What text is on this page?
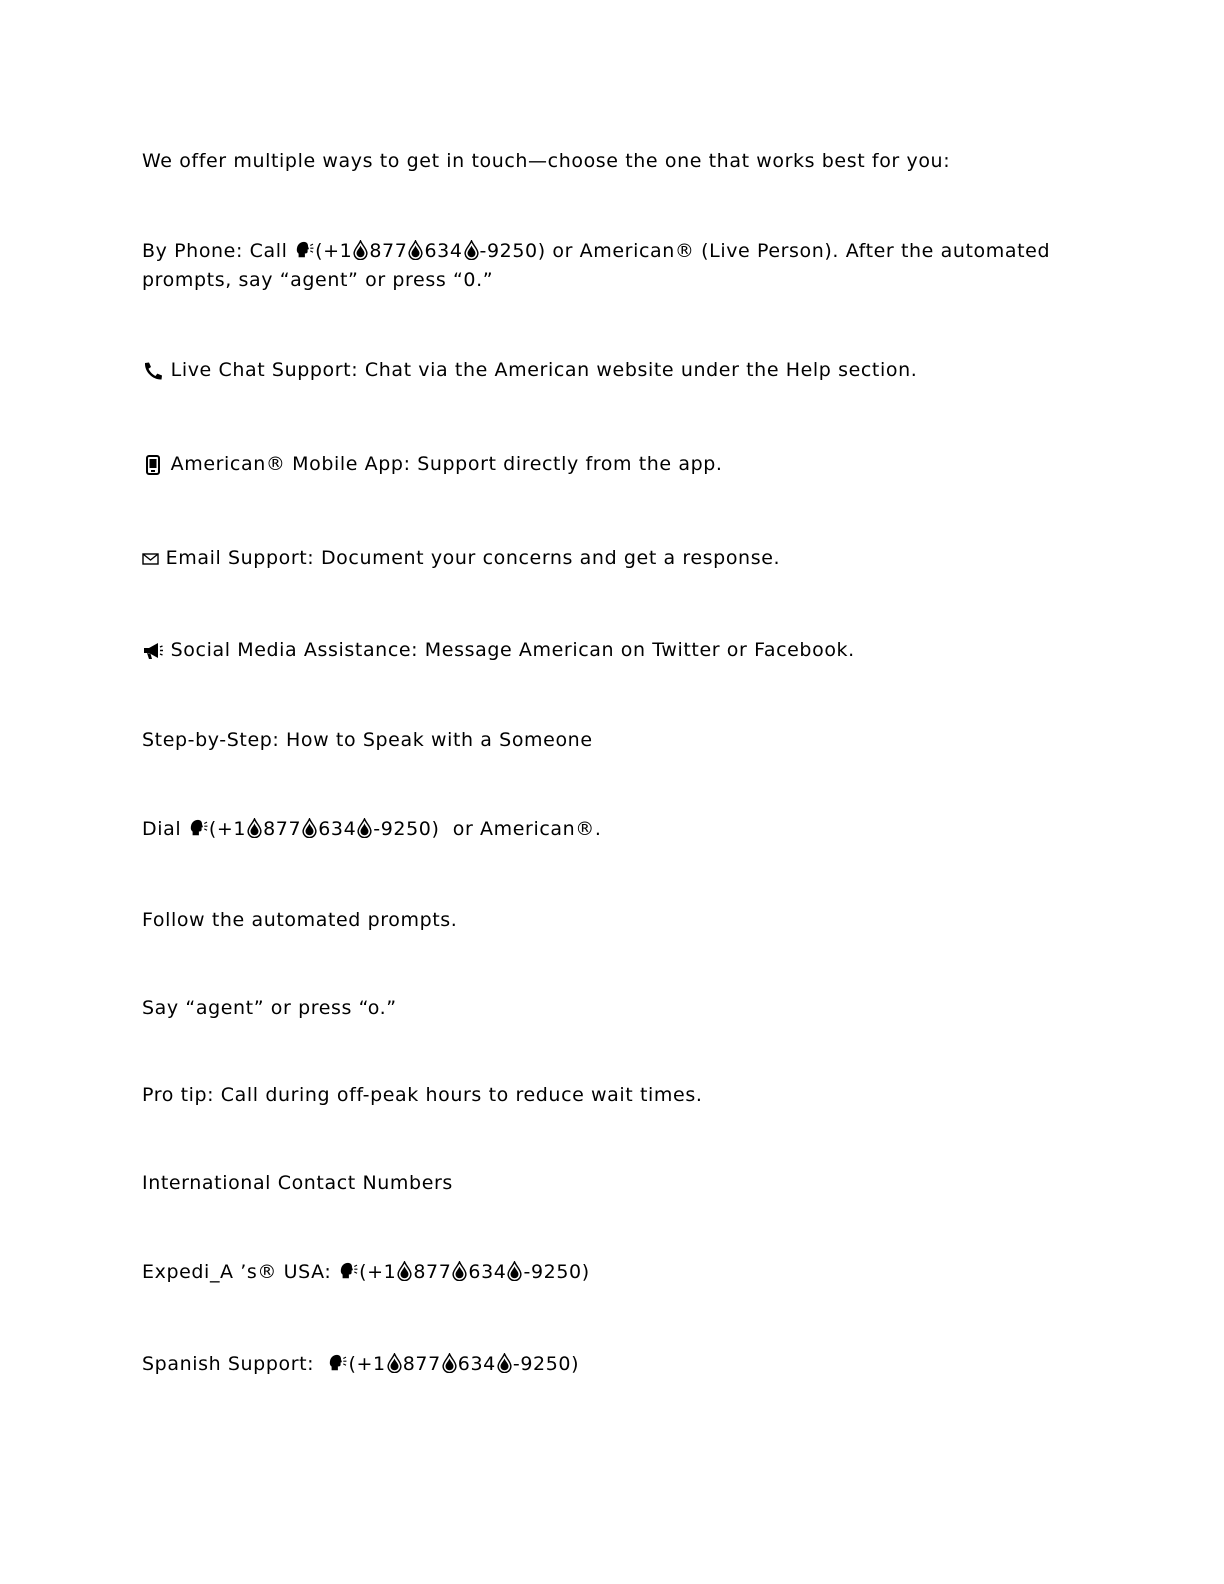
We offer multiple ways to get in touch—choose the one that works best for you:
By Phone: Call (+1 877 634 -9250) or American® (Live Person). After the automated prompts, say “agent” or press “0.”
Live Chat Support: Chat via the American website under the Help section.
American® Mobile App: Support directly from the app.
Email Support: Document your concerns and get a response.
Social Media Assistance: Message American on Twitter or Facebook.
Step-by-Step: How to Speak with a Someone
Dial (+1 877 634 -9250) or American®.
Follow the automated prompts.
Say “agent” or press “o.”
Pro tip: Call during off-peak hours to reduce wait times.
International Contact Numbers
Expedi_A ’s® USA: (+1 877 634 -9250)
Spanish Support: (+1 877 634 -9250)
